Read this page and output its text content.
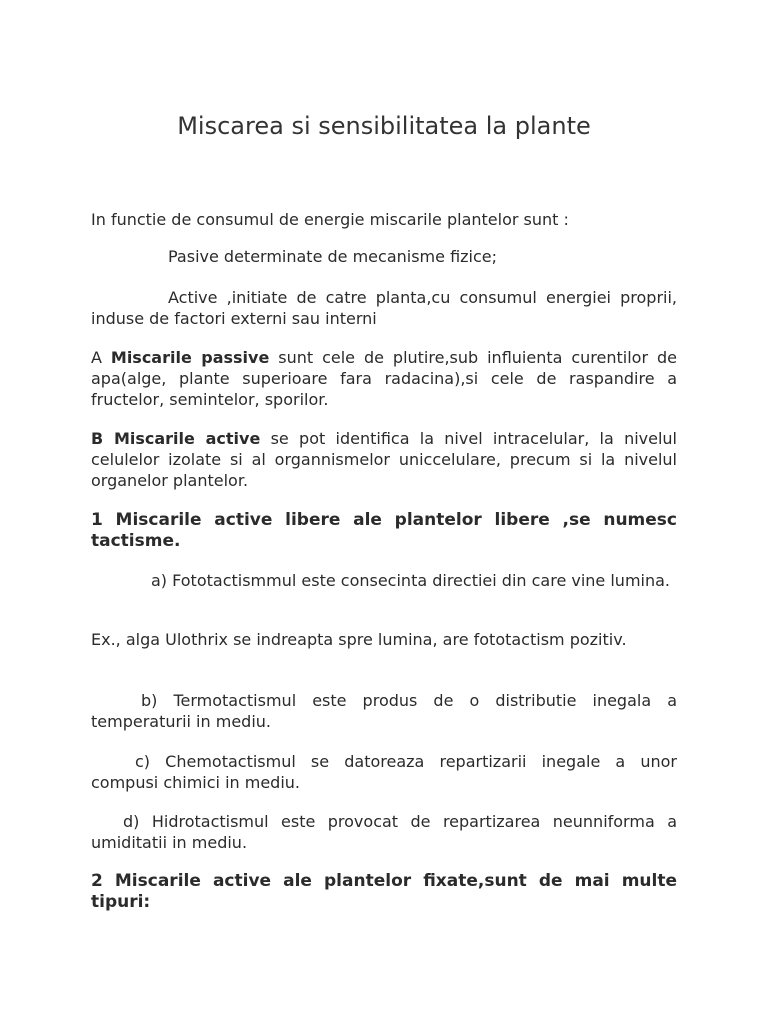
Miscarea si sensibilitatea la plante

In functie de consumul de energie miscarile plantelor sunt :

Pasive determinate de mecanisme fizice;

Active ,initiate de catre planta,cu consumul energiei proprii, induse de factori externi sau interni

A Miscarile passive sunt cele de plutire,sub influienta curentilor de apa(alge, plante superioare fara radacina),si cele de raspandire a fructelor, semintelor, sporilor.

B Miscarile active se pot identifica la nivel intracelular, la nivelul celulelor izolate si al organnismelor uniccelulare, precum si la nivelul organelor plantelor.

1 Miscarile active libere ale plantelor libere ,se numesc tactisme.

a) Fototactismmul este consecinta directiei din care vine lumina.

Ex., alga Ulothrix se indreapta spre lumina, are fototactism pozitiv.

b) Termotactismul este produs de o distributie inegala a temperaturii in mediu.

c) Chemotactismul se datoreaza repartizarii inegale a unor compusi chimici in mediu.

d) Hidrotactismul este provocat de repartizarea neunniforma a umiditatii in mediu.

2 Miscarile active ale plantelor fixate,sunt de mai multe tipuri:
